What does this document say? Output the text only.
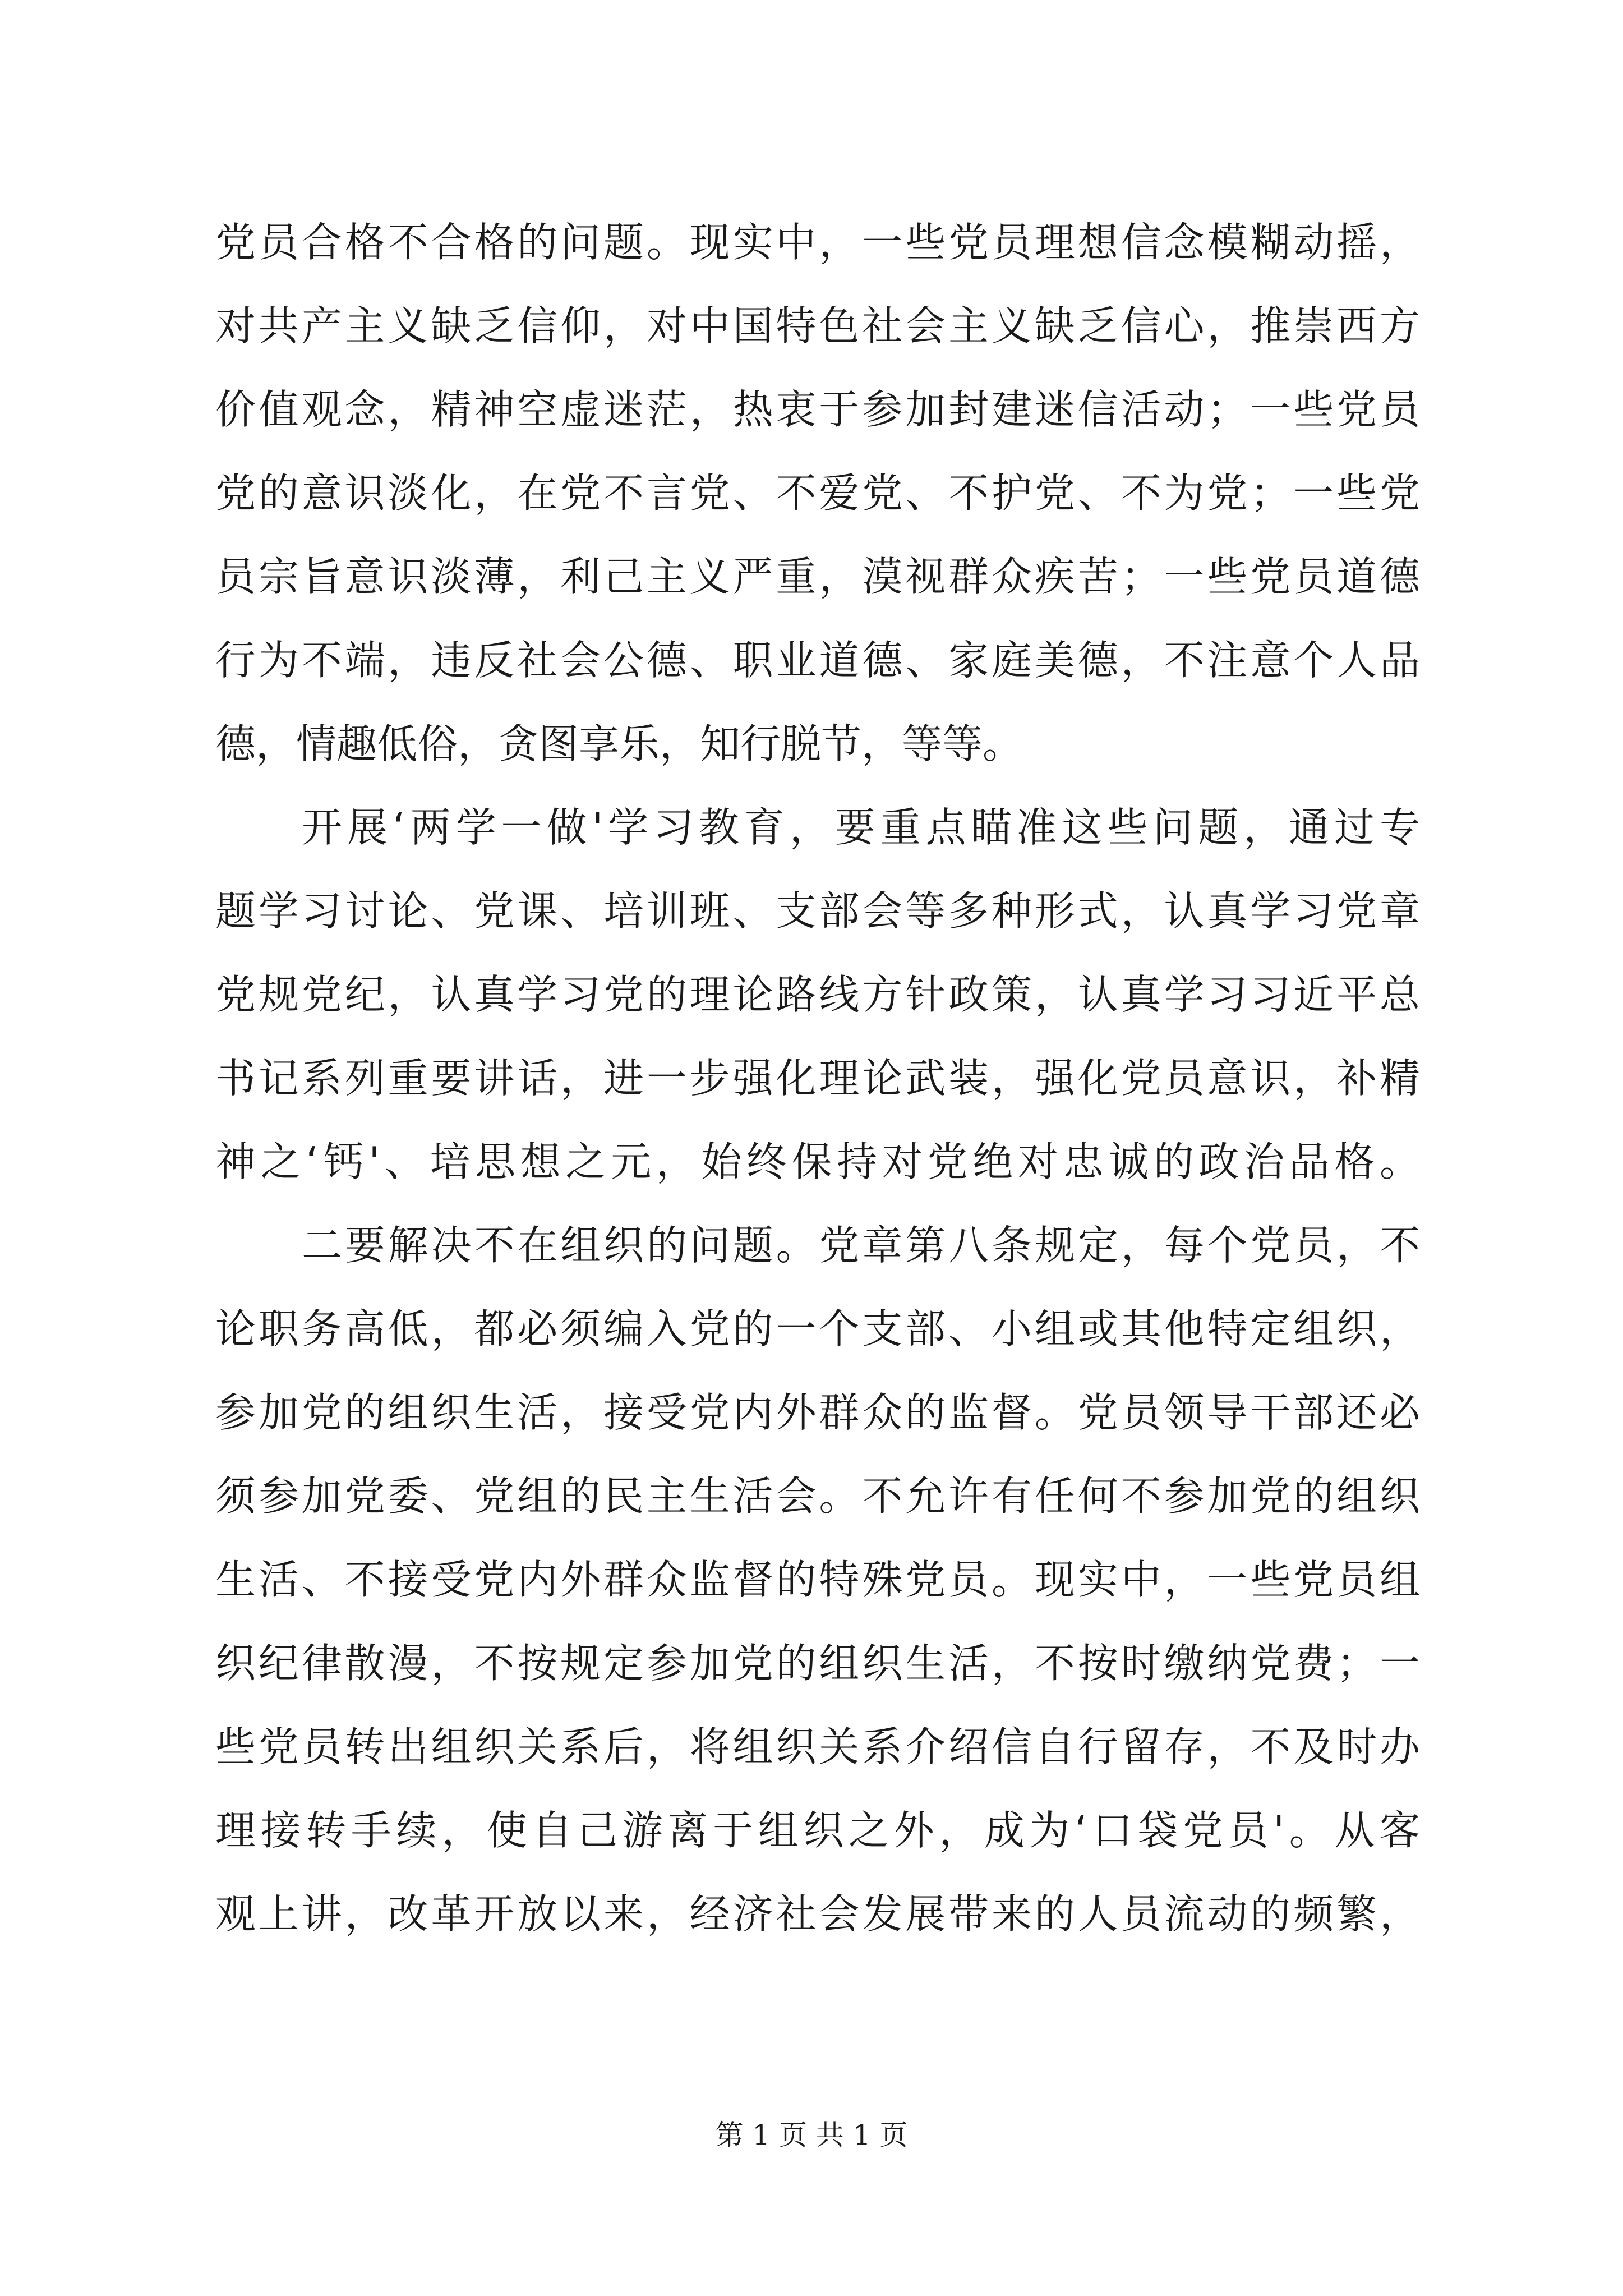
党员合格不合格的问题。现实中，一些党员理想信念模糊动摇，
对共产主义缺乏信仰，对中国特色社会主义缺乏信心，推崇西方
价值观念，精神空虚迷茫，热衷于参加封建迷信活动；一些党员
党的意识淡化，在党不言党、不爱党、不护党、不为党；一些党
员宗旨意识淡薄，利己主义严重，漠视群众疾苦；一些党员道德
行为不端，违反社会公德、职业道德、家庭美德，不注意个人品
德，情趣低俗，贪图享乐，知行脱节，等等。
开展‘两学一做'学习教育，要重点瞄准这些问题，通过专
题学习讨论、党课、培训班、支部会等多种形式，认真学习党章
党规党纪，认真学习党的理论路线方针政策，认真学习习近平总
书记系列重要讲话，进一步强化理论武装，强化党员意识，补精
神之‘钙'、培思想之元，始终保持对党绝对忠诚的政治品格。
二要解决不在组织的问题。党章第八条规定，每个党员，不
论职务高低，都必须编入党的一个支部、小组或其他特定组织，
参加党的组织生活，接受党内外群众的监督。党员领导干部还必
须参加党委、党组的民主生活会。不允许有任何不参加党的组织
生活、不接受党内外群众监督的特殊党员。现实中，一些党员组
织纪律散漫，不按规定参加党的组织生活，不按时缴纳党费；一
些党员转出组织关系后，将组织关系介绍信自行留存，不及时办
理接转手续，使自己游离于组织之外，成为‘口袋党员'。从客
观上讲，改革开放以来，经济社会发展带来的人员流动的频繁，
第 1 页 共 1 页
